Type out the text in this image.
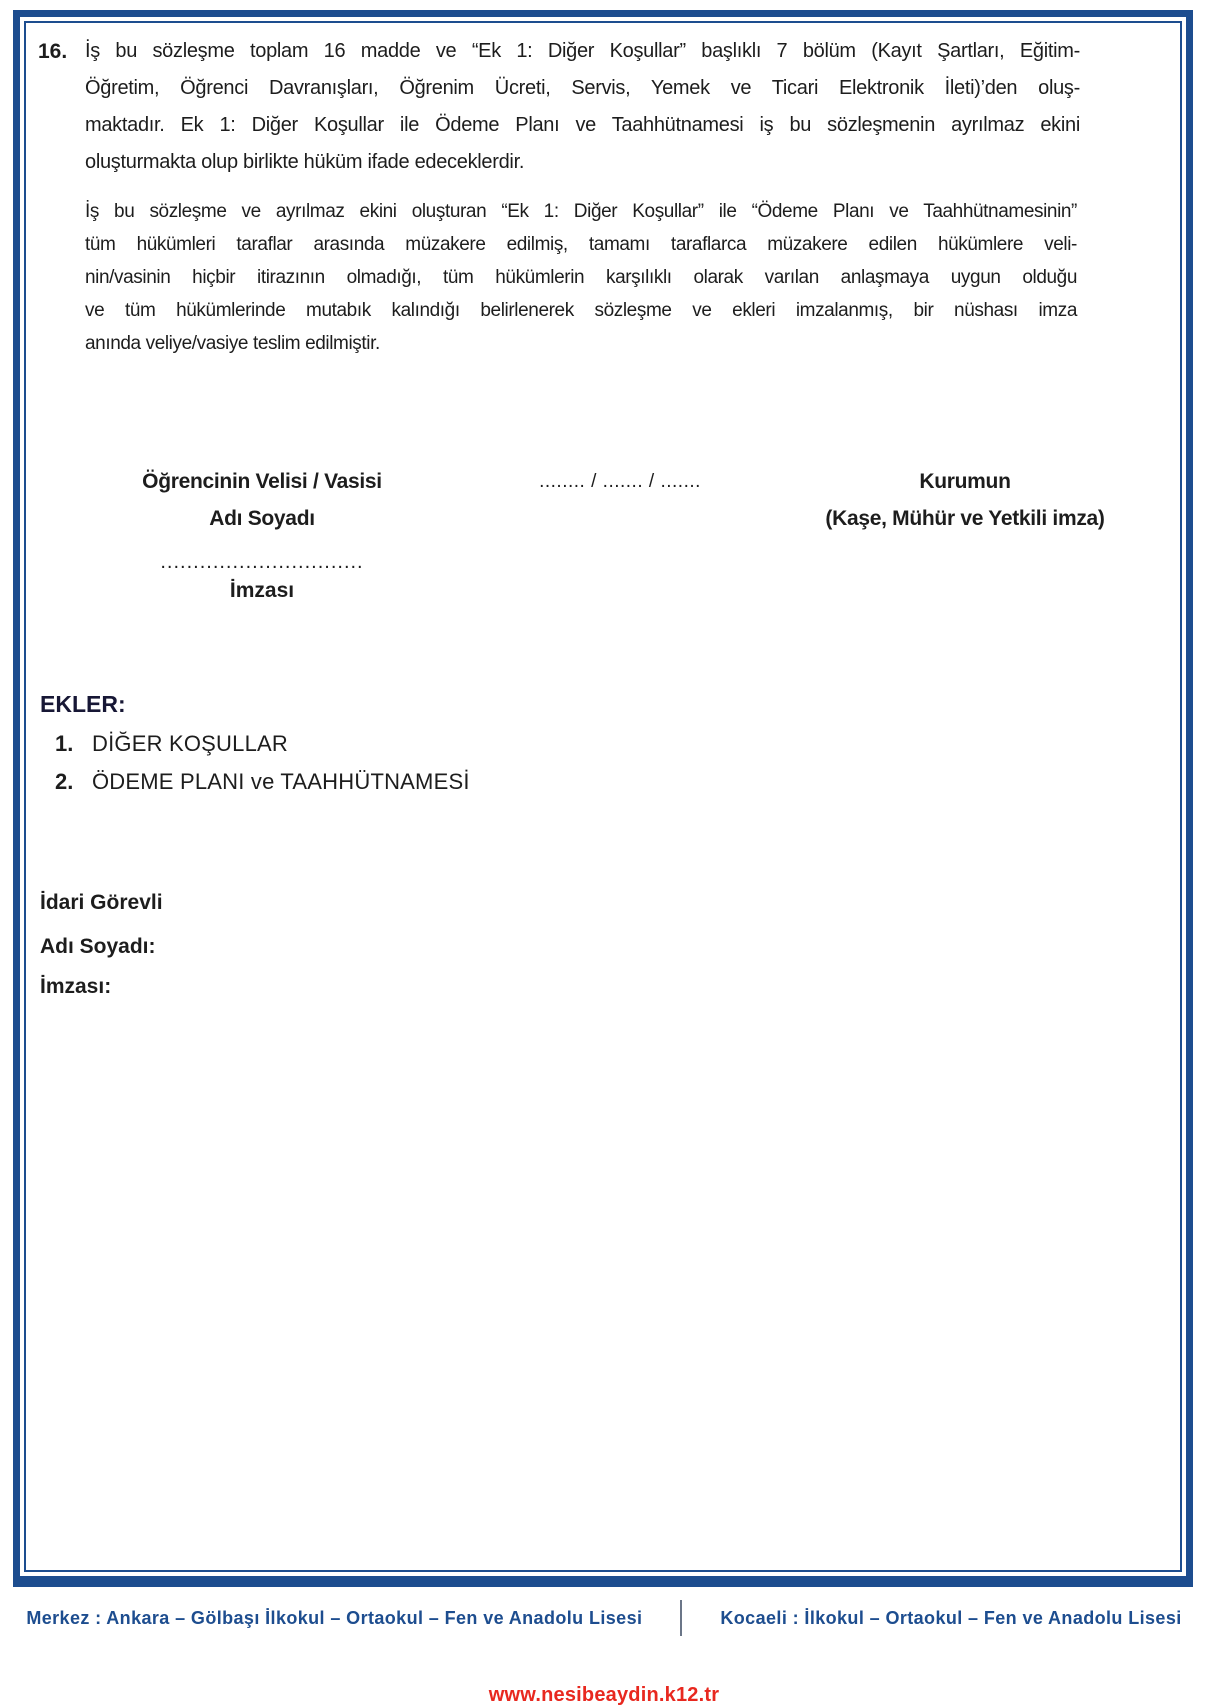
16. İş bu sözleşme toplam 16 madde ve “Ek 1: Diğer Koşullar” başlıklı 7 bölüm (Kayıt Şartları, Eğitim-
Öğretim, Öğrenci Davranışları, Öğrenim Ücreti, Servis, Yemek ve Ticari Elektronik İleti)’den oluş-
maktadır. Ek 1: Diğer Koşullar ile Ödeme Planı ve Taahhütnamesi iş bu sözleşmenin ayrılmaz ekini
oluşturmakta olup birlikte hüküm ifade edeceklerdir.
İş bu sözleşme ve ayrılmaz ekini oluşturan “Ek 1: Diğer Koşullar” ile “Ödeme Planı ve Taahhütnamesinin”
tüm hükümleri taraflar arasında müzakere edilmiş, tamamı taraflarca müzakere edilen hükümlere veli-
nin/vasinin hiçbir itirazının olmadığı, tüm hükümlerin karşılıklı olarak varılan anlaşmaya uygun olduğu
ve tüm hükümlerinde mutabık kalındığı belirlenerek sözleşme ve ekleri imzalanmış, bir nüshası imza
anında veliye/vasiye teslim edilmiştir.
Öğrencinin Velisi / Vasisi
Adı Soyadı
........ / ....... / .......	Kurumun
(Kaşe, Mühür ve Yetkili imza)
...............................
İmzası
EKLER:
1. DİĞER KOŞULLAR
2. ÖDEME PLANI ve TAAHHÜTNAMESİ
İdari Görevli
Adı Soyadı:
İmzası:
Merkez : Ankara – Gölbaşı İlkokul – Ortaokul – Fen ve Anadolu Lisesi	Kocaeli : İlkokul – Ortaokul – Fen ve Anadolu Lisesi
www.nesibeaydin.k12.tr
